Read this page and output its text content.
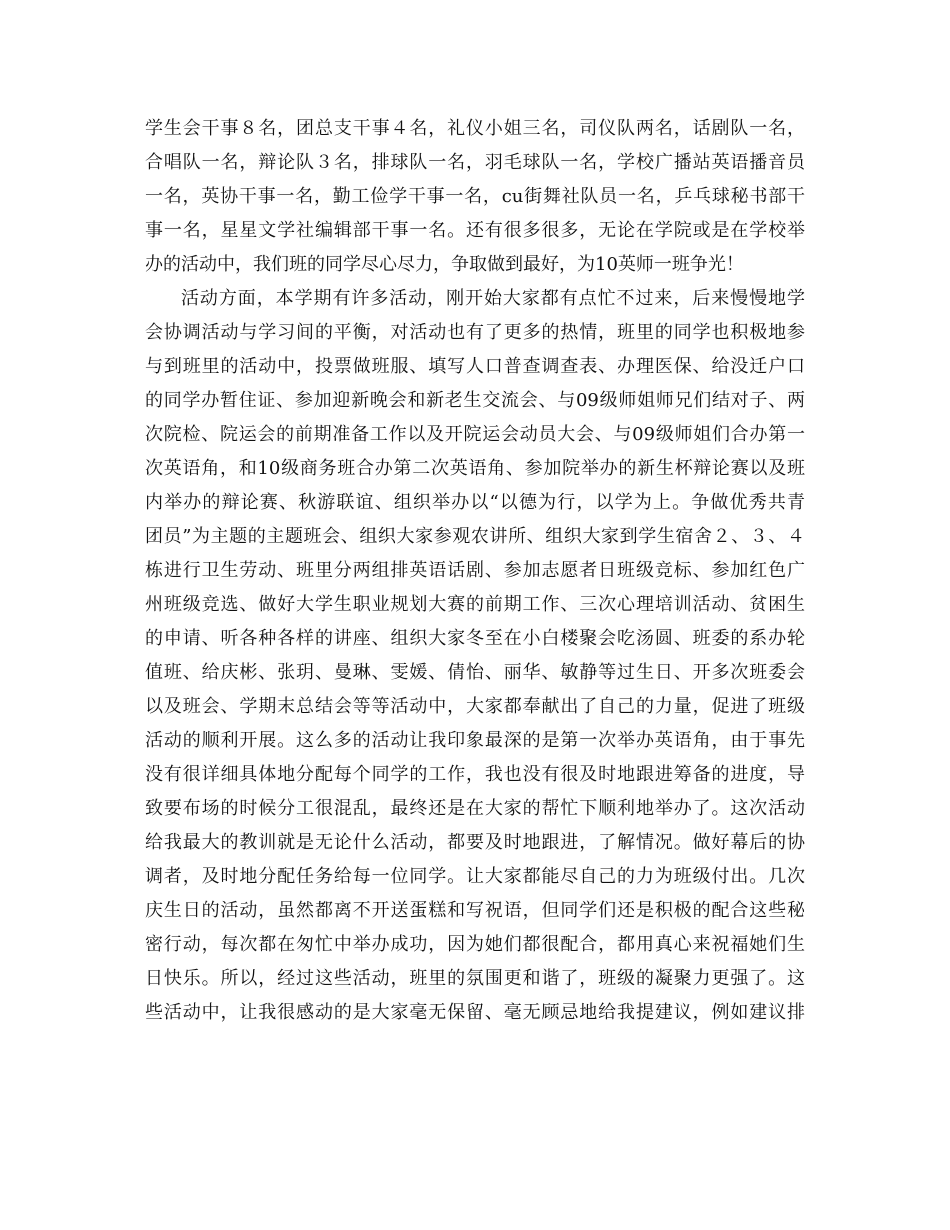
学生会干事８名，团总支干事４名，礼仪小姐三名，司仪队两名，话剧队一名，
合唱队一名，辩论队３名，排球队一名，羽毛球队一名，学校广播站英语播音员
一名，英协干事一名，勤工俭学干事一名，cu街舞社队员一名，乒乓球秘书部干
事一名，星星文学社编辑部干事一名。还有很多很多，无论在学院或是在学校举
办的活动中，我们班的同学尽心尽力，争取做到最好，为10英师一班争光！
活动方面，本学期有许多活动，刚开始大家都有点忙不过来，后来慢慢地学
会协调活动与学习间的平衡，对活动也有了更多的热情，班里的同学也积极地参
与到班里的活动中，投票做班服、填写人口普查调查表、办理医保、给没迁户口
的同学办暂住证、参加迎新晚会和新老生交流会、与09级师姐师兄们结对子、两
次院检、院运会的前期准备工作以及开院运会动员大会、与09级师姐们合办第一
次英语角，和10级商务班合办第二次英语角、参加院举办的新生杯辩论赛以及班
内举办的辩论赛、秋游联谊、组织举办以“以德为行，以学为上。争做优秀共青
团员”为主题的主题班会、组织大家参观农讲所、组织大家到学生宿舍２、３、４
栋进行卫生劳动、班里分两组排英语话剧、参加志愿者日班级竞标、参加红色广
州班级竞选、做好大学生职业规划大赛的前期工作、三次心理培训活动、贫困生
的申请、听各种各样的讲座、组织大家冬至在小白楼聚会吃汤圆、班委的系办轮
值班、给庆彬、张玥、曼琳、雯媛、倩怡、丽华、敏静等过生日、开多次班委会
以及班会、学期末总结会等等活动中，大家都奉献出了自己的力量，促进了班级
活动的顺利开展。这么多的活动让我印象最深的是第一次举办英语角，由于事先
没有很详细具体地分配每个同学的工作，我也没有很及时地跟进筹备的进度，导
致要布场的时候分工很混乱，最终还是在大家的帮忙下顺利地举办了。这次活动
给我最大的教训就是无论什么活动，都要及时地跟进，了解情况。做好幕后的协
调者，及时地分配任务给每一位同学。让大家都能尽自己的力为班级付出。几次
庆生日的活动，虽然都离不开送蛋糕和写祝语，但同学们还是积极的配合这些秘
密行动，每次都在匆忙中举办成功，因为她们都很配合，都用真心来祝福她们生
日快乐。所以，经过这些活动，班里的氛围更和谐了，班级的凝聚力更强了。这
些活动中，让我很感动的是大家毫无保留、毫无顾忌地给我提建议，例如建议排
